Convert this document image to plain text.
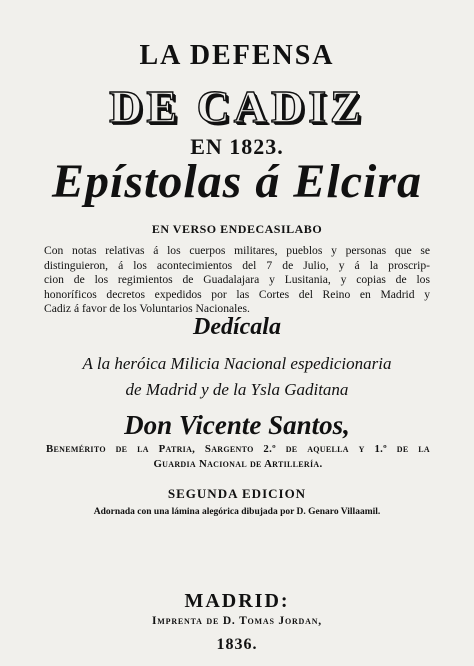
LA DEFENSA
DE CADIZ
EN 1823.
Epístolas á Elcira
EN VERSO ENDECASILABO
Con notas relativas á los cuerpos militares, pueblos y personas que se
distinguieron, á los acontecimientos del 7 de Julio, y á la proscrip-
cion de los regimientos de Guadalajara y Lusitania, y copias de los
honoríficos decretos expedidos por las Cortes del Reino en Madrid y
Cadiz á favor de los Voluntarios Nacionales.
Dedícala
A la heróica Milicia Nacional espedicionaria
de Madrid y de la Ysla Gaditana
Don Vicente Santos,
Benemérito de la Patria, Sargento 2.º de aquella y 1.º de la
Guardia Nacional de Artillería.
SEGUNDA EDICION
Adornada con una lámina alegórica dibujada por D. Genaro Villaamil.
MADRID:
Imprenta de D. Tomas Jordan,
1836.
